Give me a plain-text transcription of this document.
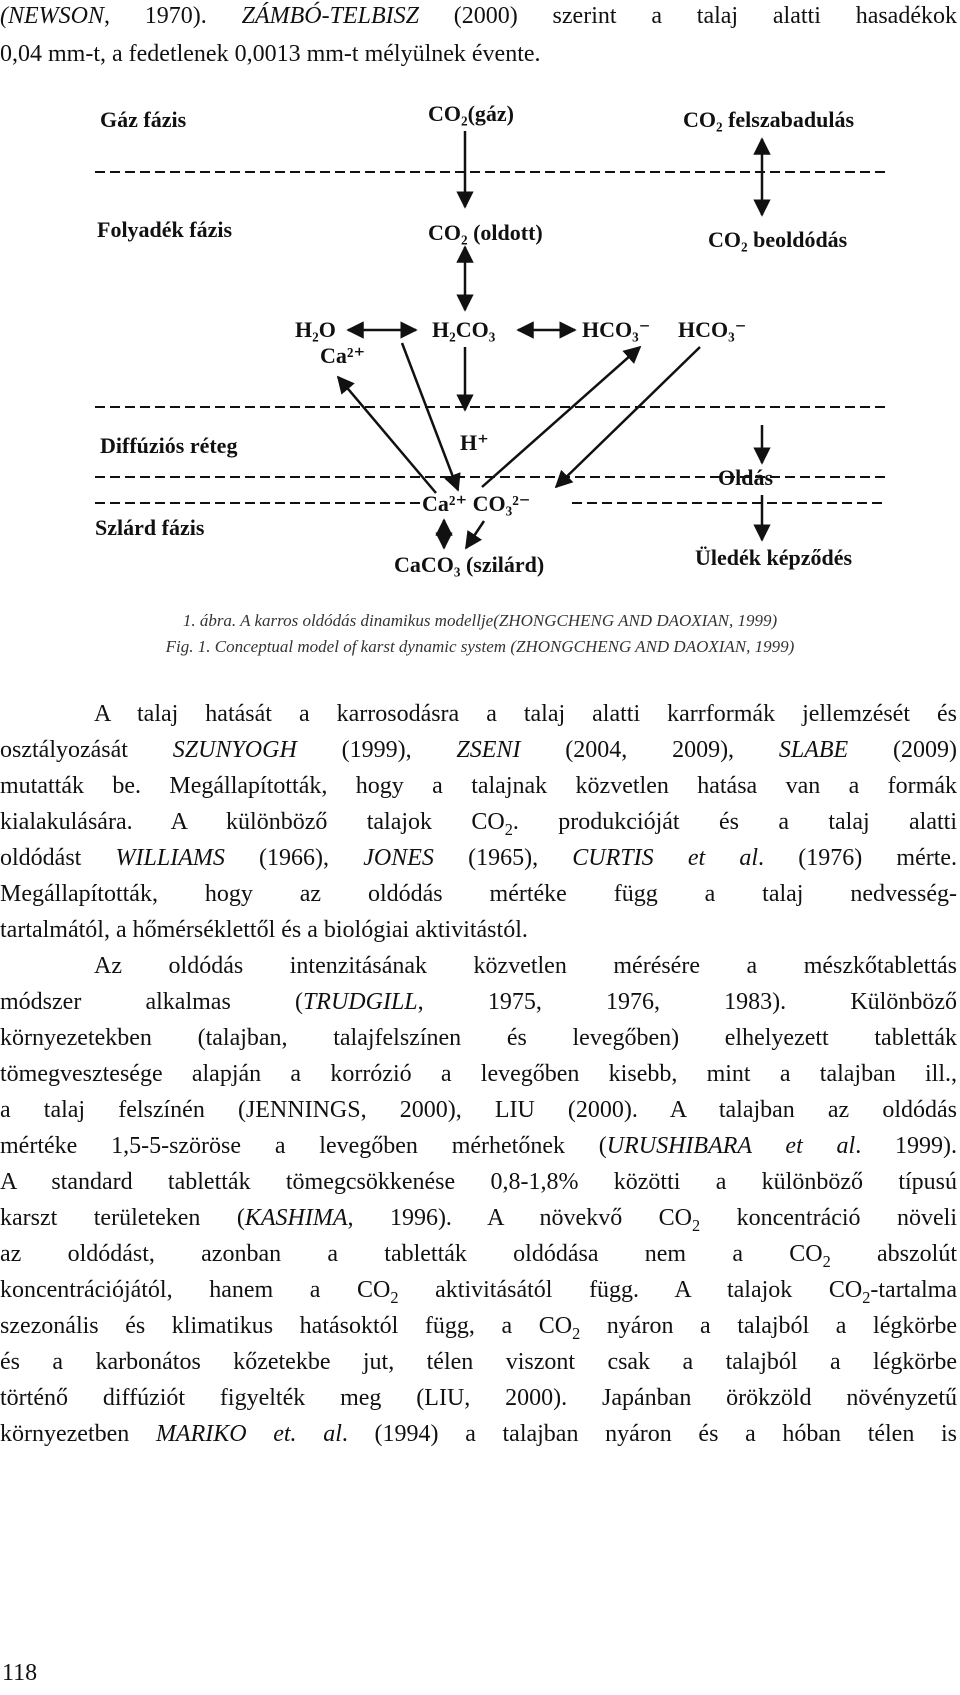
(NEWSON, 1970). ZÁMBÓ-TELBISZ (2000) szerint a talaj alatti hasadékok
0,04 mm-t, a fedetlenek 0,0013 mm-t mélyülnek évente.
Gáz fázis	CO₂(gáz)	CO₂ felszabadulás
Folyadék fázis	CO₂ (oldott)	CO₂ beoldódás
H₂O	H₂CO₃	HCO₃⁻ HCO₃⁻
Ca²⁺
Diffúziós réteg	H⁺
Oldás
Ca²⁺ CO₃²⁻
Szlárd fázis
CaCO₃ (szilárd)	Üledék képződés
1. ábra. A karros oldódás dinamikus modellje(ZHONGCHENG AND DAOXIAN, 1999)
Fig. 1. Conceptual model of karst dynamic system (ZHONGCHENG AND DAOXIAN, 1999)
A talaj hatását a karrosodásra a talaj alatti karrformák jellemzését és
osztályozását SZUNYOGH (1999), ZSENI (2004, 2009), SLABE (2009)
mutatták be. Megállapították, hogy a talajnak közvetlen hatása van a formák
kialakulására. A különböző talajok $CO_2$. produkcióját és a talaj alatti
oldódást WILLIAMS (1966), JONES (1965), CURTIS et al. (1976) mérte.
Megállapították, hogy az oldódás mértéke függ a talaj nedvesség-
tartalmától, a hőmérséklettől és a biológiai aktivitástól.
Az oldódás intenzitásának közvetlen mérésére a mészkőtablettás
módszer alkalmas (TRUDGILL, 1975, 1976, 1983). Különböző
környezetekben (talajban, talajfelszínen és levegőben) elhelyezett tabletták
tömegvesztesége alapján a korrózió a levegőben kisebb, mint a talajban ill.,
a talaj felszínén (JENNINGS, 2000), LIU (2000). A talajban az oldódás
mértéke 1,5-5-szöröse a levegőben mérhetőnek (URUSHIBARA et al. 1999).
A standard tabletták tömegcsökkenése 0,8-1,8% közötti a különböző típusú
karszt területeken (KASHIMA, 1996). A növekvő $CO_2$ koncentráció növeli
az oldódást, azonban a tabletták oldódása nem a $CO_2$ abszolút
koncentrációjától, hanem a $CO_2$ aktivitásától függ. A talajok $CO_2$-tartalma
szezonális és klimatikus hatásoktól függ, a $CO_2$ nyáron a talajból a légkörbe
és a karbonátos kőzetekbe jut, télen viszont csak a talajból a légkörbe
történő diffúziót figyelték meg (LIU, 2000). Japánban örökzöld növényzetű
környezetben MARIKO et. al. (1994) a talajban nyáron és a hóban télen is
118
